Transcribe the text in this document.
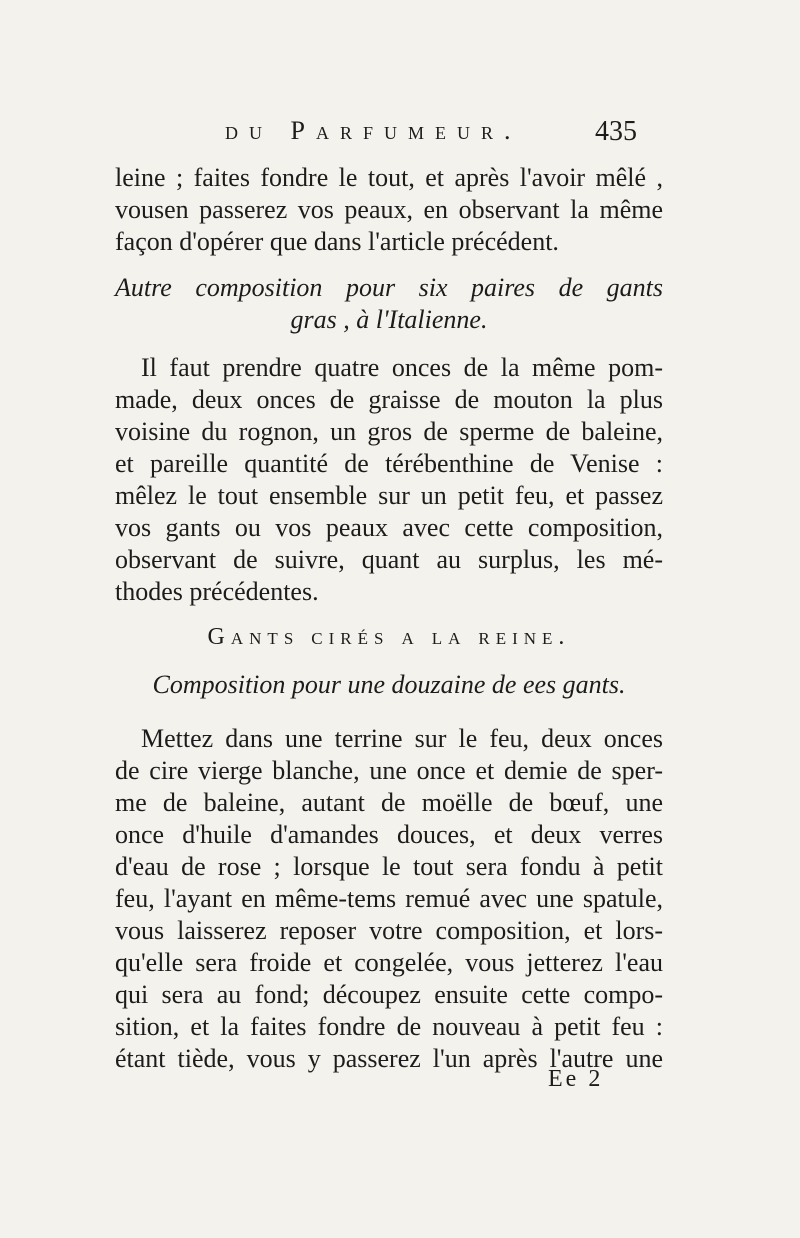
du Parfumeur.	435
leine ; faites fondre le tout, et après l'avoir mêlé ,
vousen passerez vos peaux, en observant la même
façon d'opérer que dans l'article précédent.
Autre composition pour six paires de gants
gras , à l'Italienne.
Il faut prendre quatre onces de la même pom-
made, deux onces de graisse de mouton la plus
voisine du rognon, un gros de sperme de baleine,
et pareille quantité de térébenthine de Venise :
mêlez le tout ensemble sur un petit feu, et passez
vos gants ou vos peaux avec cette composition,
observant de suivre, quant au surplus, les mé-
thodes précédentes.
Gants cirés a la reine.
Composition pour une douzaine de ees gants.
Mettez dans une terrine sur le feu, deux onces
de cire vierge blanche, une once et demie de sper-
me de baleine, autant de moëlle de bœuf, une
once d'huile d'amandes douces, et deux verres
d'eau de rose ; lorsque le tout sera fondu à petit
feu, l'ayant en même-tems remué avec une spatule,
vous laisserez reposer votre composition, et lors-
qu'elle sera froide et congelée, vous jetterez l'eau
qui sera au fond; découpez ensuite cette compo-
sition, et la faites fondre de nouveau à petit feu :
étant tiède, vous y passerez l'un après l'autre une
Ee 2
